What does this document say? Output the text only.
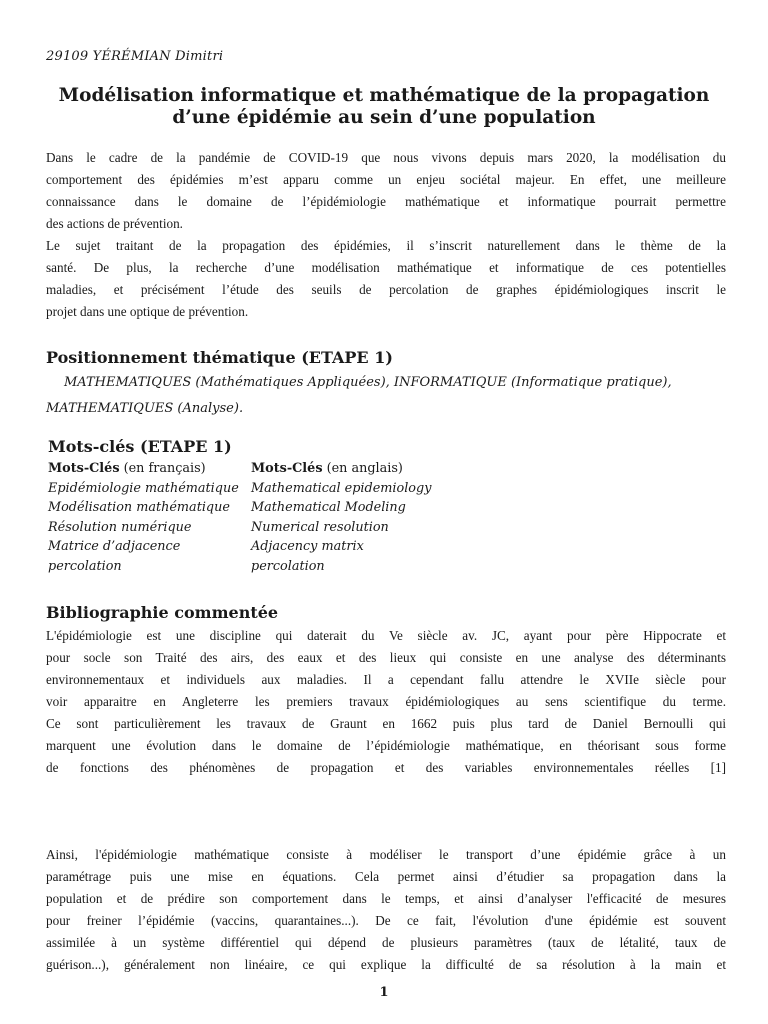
29109 YÉRÉMIAN Dimitri
Modélisation informatique et mathématique de la propagation
d’une épidémie au sein d’une population
Dans le cadre de la pandémie de COVID-19 que nous vivons depuis mars 2020, la modélisation du
comportement des épidémies m’est apparu comme un enjeu sociétal majeur. En effet, une meilleure
connaissance dans le domaine de l’épidémiologie mathématique et informatique pourrait permettre
des actions de prévention.
Le sujet traitant de la propagation des épidémies, il s’inscrit naturellement dans le thème de la
santé. De plus, la recherche d’une modélisation mathématique et informatique de ces potentielles
maladies, et précisément l’étude des seuils de percolation de graphes épidémiologiques inscrit le
projet dans une optique de prévention.
Positionnement thématique (ETAPE 1)
MATHEMATIQUES (Mathématiques Appliquées), INFORMATIQUE (Informatique pratique),
MATHEMATIQUES (Analyse).
Mots-clés (ETAPE 1)
Mots-Clés (en français)
Epidémiologie mathématique
Modélisation mathématique
Résolution numérique
Matrice d’adjacence
percolation
Mots-Clés (en anglais)
Mathematical epidemiology
Mathematical Modeling
Numerical resolution
Adjacency matrix
percolation
Bibliographie commentée
L'épidémiologie est une discipline qui daterait du Ve siècle av. JC, ayant pour père Hippocrate et
pour socle son Traité des airs, des eaux et des lieux qui consiste en une analyse des déterminants
environnementaux et individuels aux maladies. Il a cependant fallu attendre le XVIIe siècle pour
voir apparaitre en Angleterre les premiers travaux épidémiologiques au sens scientifique du terme.
Ce sont particulièrement les travaux de Graunt en 1662 puis plus tard de Daniel Bernoulli qui
marquent une évolution dans le domaine de l’épidémiologie mathématique, en théorisant sous forme
de fonctions des phénomènes de propagation et des variables environnementales réelles [1]
Ainsi, l'épidémiologie mathématique consiste à modéliser le transport d’une épidémie grâce à un
paramétrage puis une mise en équations. Cela permet ainsi d’étudier sa propagation dans la
population et de prédire son comportement dans le temps, et ainsi d’analyser l'efficacité de mesures
pour freiner l’épidémie (vaccins, quarantaines...). De ce fait, l'évolution d'une épidémie est souvent
assimilée à un système différentiel qui dépend de plusieurs paramètres (taux de létalité, taux de
guérison...), généralement non linéaire, ce qui explique la difficulté de sa résolution à la main et
1
